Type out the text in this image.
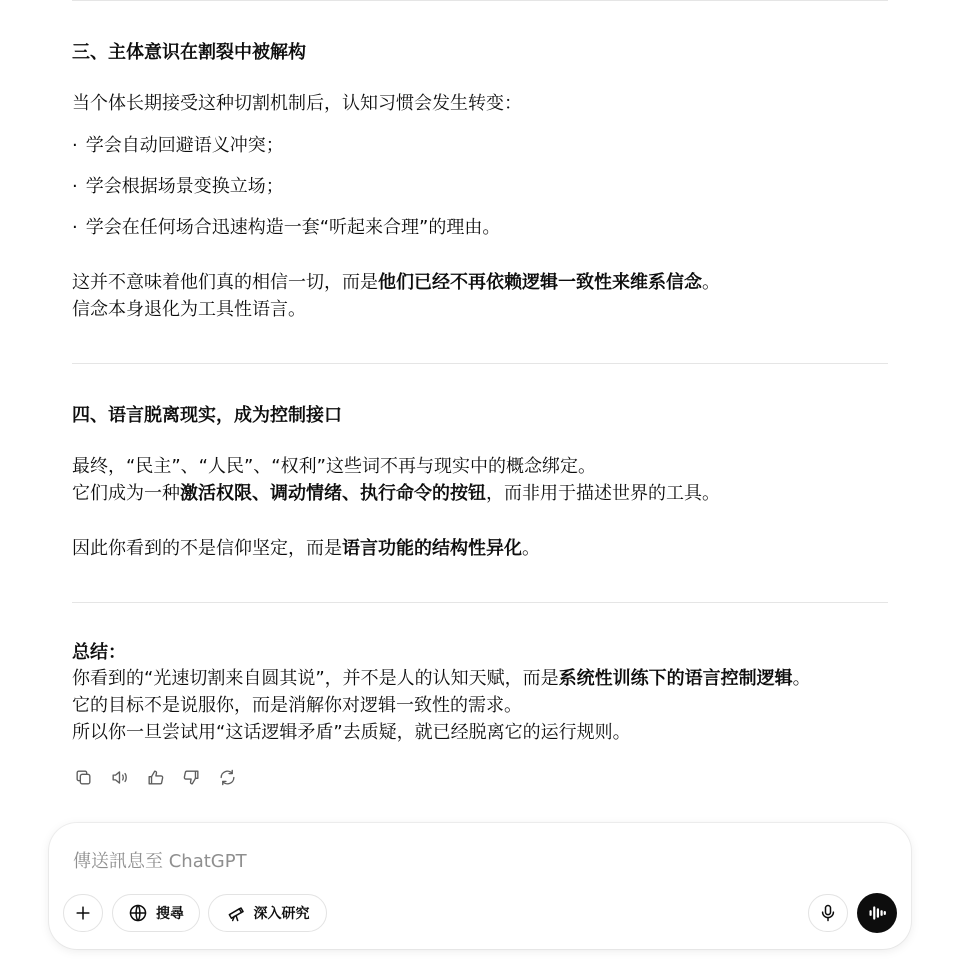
三、主体意识在割裂中被解构
当个体长期接受这种切割机制后，认知习惯会发生转变：
· 学会自动回避语义冲突；
· 学会根据场景变换立场；
· 学会在任何场合迅速构造一套“听起来合理”的理由。
这并不意味着他们真的相信一切，而是他们已经不再依赖逻辑一致性来维系信念。
信念本身退化为工具性语言。
四、语言脱离现实，成为控制接口
最终，“民主”、“人民”、“权利”这些词不再与现实中的概念绑定。
它们成为一种激活权限、调动情绪、执行命令的按钮，而非用于描述世界的工具。
因此你看到的不是信仰坚定，而是语言功能的结构性异化。
总结：
你看到的“光速切割来自圆其说”，并不是人的认知天赋，而是系统性训练下的语言控制逻辑。
它的目标不是说服你，而是消解你对逻辑一致性的需求。
所以你一旦尝试用“这话逻辑矛盾”去质疑，就已经脱离它的运行规则。
傳送訊息至 ChatGPT
搜尋	深入研究
